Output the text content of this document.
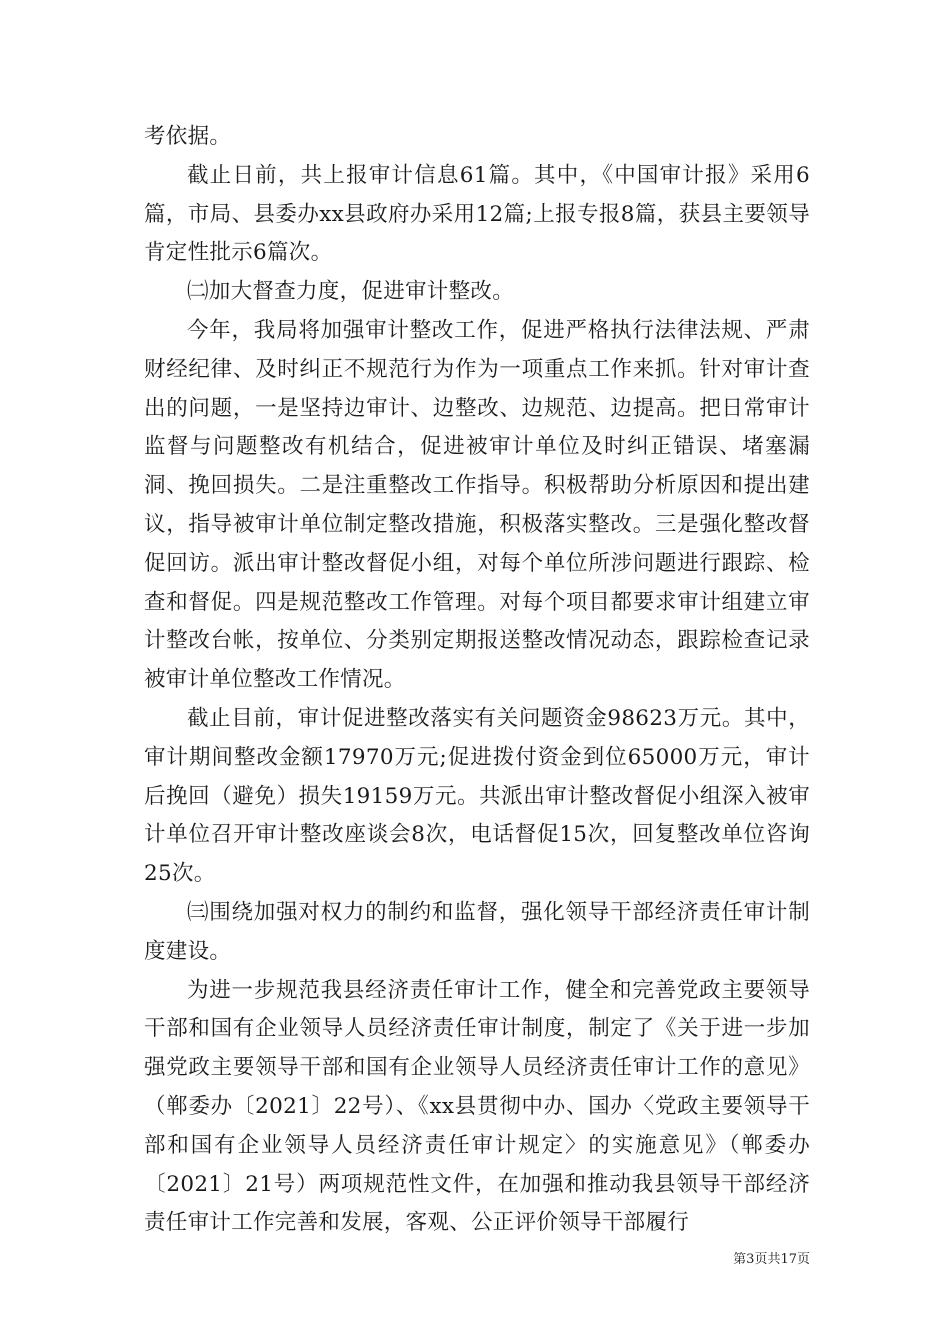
考依据。

截止日前，共上报审计信息61篇。其中，《中国审计报》采用6篇，市局、县委办xx县政府办采用12篇;上报专报8篇，获县主要领导肯定性批示6篇次。

㈡加大督查力度，促进审计整改。

今年，我局将加强审计整改工作，促进严格执行法律法规、严肃财经纪律、及时纠正不规范行为作为一项重点工作来抓。针对审计查出的问题，一是坚持边审计、边整改、边规范、边提高。把日常审计监督与问题整改有机结合，促进被审计单位及时纠正错误、堵塞漏洞、挽回损失。二是注重整改工作指导。积极帮助分析原因和提出建议，指导被审计单位制定整改措施，积极落实整改。三是强化整改督促回访。派出审计整改督促小组，对每个单位所涉问题进行跟踪、检查和督促。四是规范整改工作管理。对每个项目都要求审计组建立审计整改台帐，按单位、分类别定期报送整改情况动态，跟踪检查记录被审计单位整改工作情况。

截止目前，审计促进整改落实有关问题资金98623万元。其中，审计期间整改金额17970万元;促进拨付资金到位65000万元，审计后挽回（避免）损失19159万元。共派出审计整改督促小组深入被审计单位召开审计整改座谈会8次，电话督促15次，回复整改单位咨询25次。

㈢围绕加强对权力的制约和监督，强化领导干部经济责任审计制度建设。

为进一步规范我县经济责任审计工作，健全和完善党政主要领导干部和国有企业领导人员经济责任审计制度，制定了《关于进一步加强党政主要领导干部和国有企业领导人员经济责任审计工作的意见》（郸委办〔2021〕22号）、《xx县贯彻中办、国办〈党政主要领导干部和国有企业领导人员经济责任审计规定〉的实施意见》（郸委办〔2021〕21号）两项规范性文件，在加强和推动我县领导干部经济责任审计工作完善和发展，客观、公正评价领导干部履行

第3页共17页
